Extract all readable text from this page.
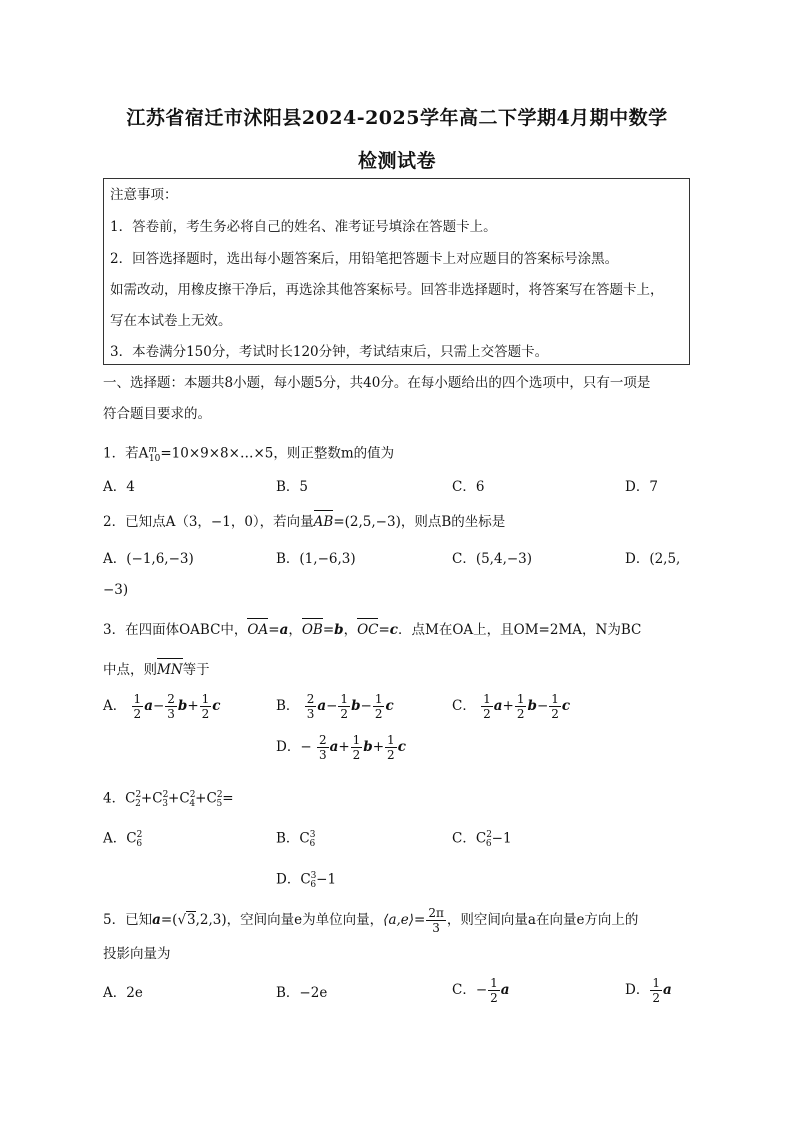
江苏省宿迁市沭阳县2024-2025学年高二下学期4月期中数学
检测试卷
注意事项：
1．答卷前，考生务必将自己的姓名、准考证号填涂在答题卡上。
2．回答选择题时，选出每小题答案后，用铅笔把答题卡上对应题目的答案标号涂黑。
如需改动，用橡皮擦干净后，再选涂其他答案标号。回答非选择题时，将答案写在答题卡上，
写在本试卷上无效。
3．本卷满分150分，考试时长120分钟，考试结束后，只需上交答题卡。
一、选择题：本题共8小题，每小题5分，共40分。在每小题给出的四个选项中，只有一项是
符合题目要求的。
1．若$A^m_{10}=10\times 9\times 8\times\dots\times 5$，则正整数m的值为
A．4	B．5	C．6	D．7
2．已知点A（3，−1，0），若向量AB=(2,5,−3)，则点B的坐标是
A．(−1,6,−3)	B．(1,−6,3)	C．(5,4,−3)	D．(2,5,
−3)
3．在四面体OABC中，OA=a，OB=b，OC=c．点M在OA上，且OM=2MA，N为BC
中点，则MN等于
A． $\frac{1}{2} a- \frac{2}{3} b+ \frac{1}{2}$ c	B． $\frac{2}{3} a- \frac{1}{2} b- \frac{1}{2}$ c	C． $\frac{1}{2} a+ \frac{1}{2} b- \frac{1}{2}$ c
D．− $\frac{2}{3} a+ \frac{1}{2} b+ \frac{1}{2}$ c
4．$C^2_2+C^2_3+C^2_4+C^2_5=$
A．$C^2_6$	B．$C^3_6$	C．$C^2_6-1$
D．$C^3_6-1$
5．已知a=(√3,2,3)，空间向量e为单位向量，⟨a,e⟩= $\frac{2\pi}{3}$ ，则空间向量a在向量e方向上的
投影向量为
A．2e	B．−2e	C．− $\frac{1}{2}$ a	D． $\frac{1}{2}$ a
